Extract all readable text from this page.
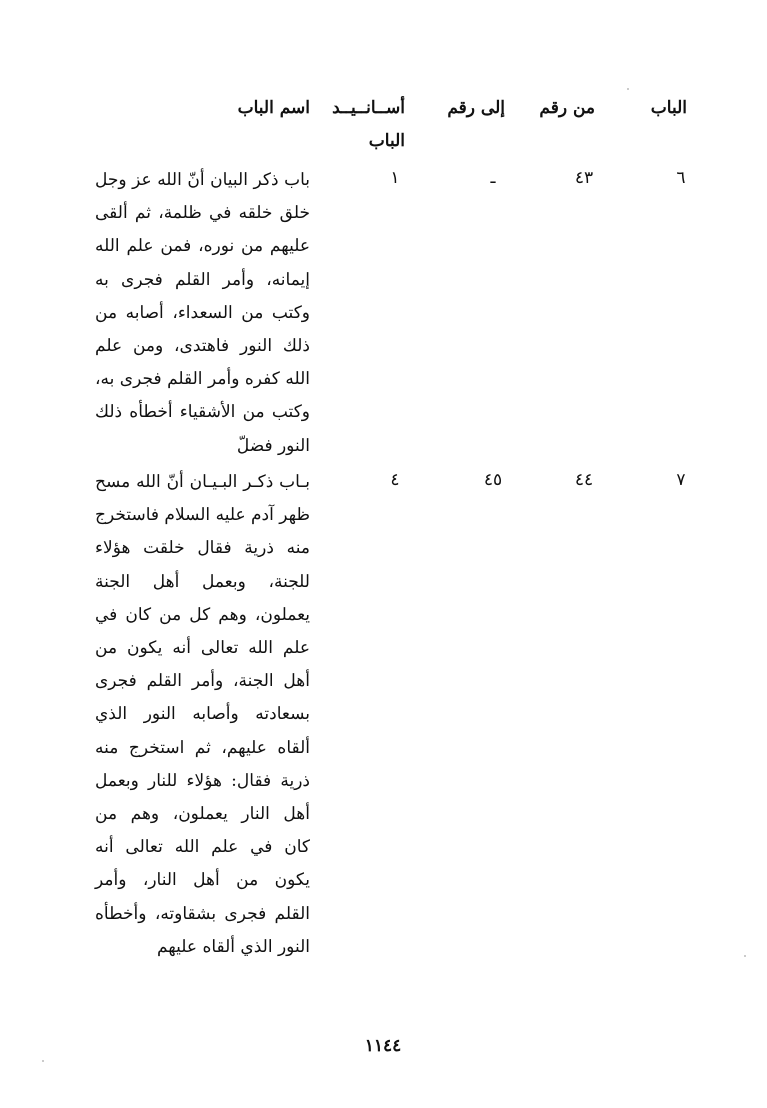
الباب
من رقم
إلى رقم
أســانــيــد
الباب
اسم الباب
٦
٤٣
ـ
١
باب ذكر البيان أنّ الله عز وجل
خلق خلقه في ظلمة، ثم ألقى
عليهم من نوره، فمن علم الله
إيمانه، وأمر القلم فجرى به
وكتب من السعداء، أصابه من
ذلك النور فاهتدى، ومن علم
الله كفره وأمر القلم فجرى به،
وكتب من الأشقياء أخطأه ذلك
النور فضلّ
٧
٤٤
٤٥
٤
بـاب ذكـر البـيـان أنّ الله مسح
ظهر آدم عليه السلام فاستخرج
منه ذرية فقال خلقت هؤلاء
للجنة، وبعمل أهل الجنة
يعملون، وهم كل من كان في
علم الله تعالى أنه يكون من
أهل الجنة، وأمر القلم فجرى
بسعادته وأصابه النور الذي
ألقاه عليهم، ثم استخرج منه
ذرية فقال: هؤلاء للنار وبعمل
أهل النار يعملون، وهم من
كان في علم الله تعالى أنه
يكون من أهل النار، وأمر
القلم فجرى بشقاوته، وأخطأه
النور الذي ألقاه عليهم
١١٤٤
